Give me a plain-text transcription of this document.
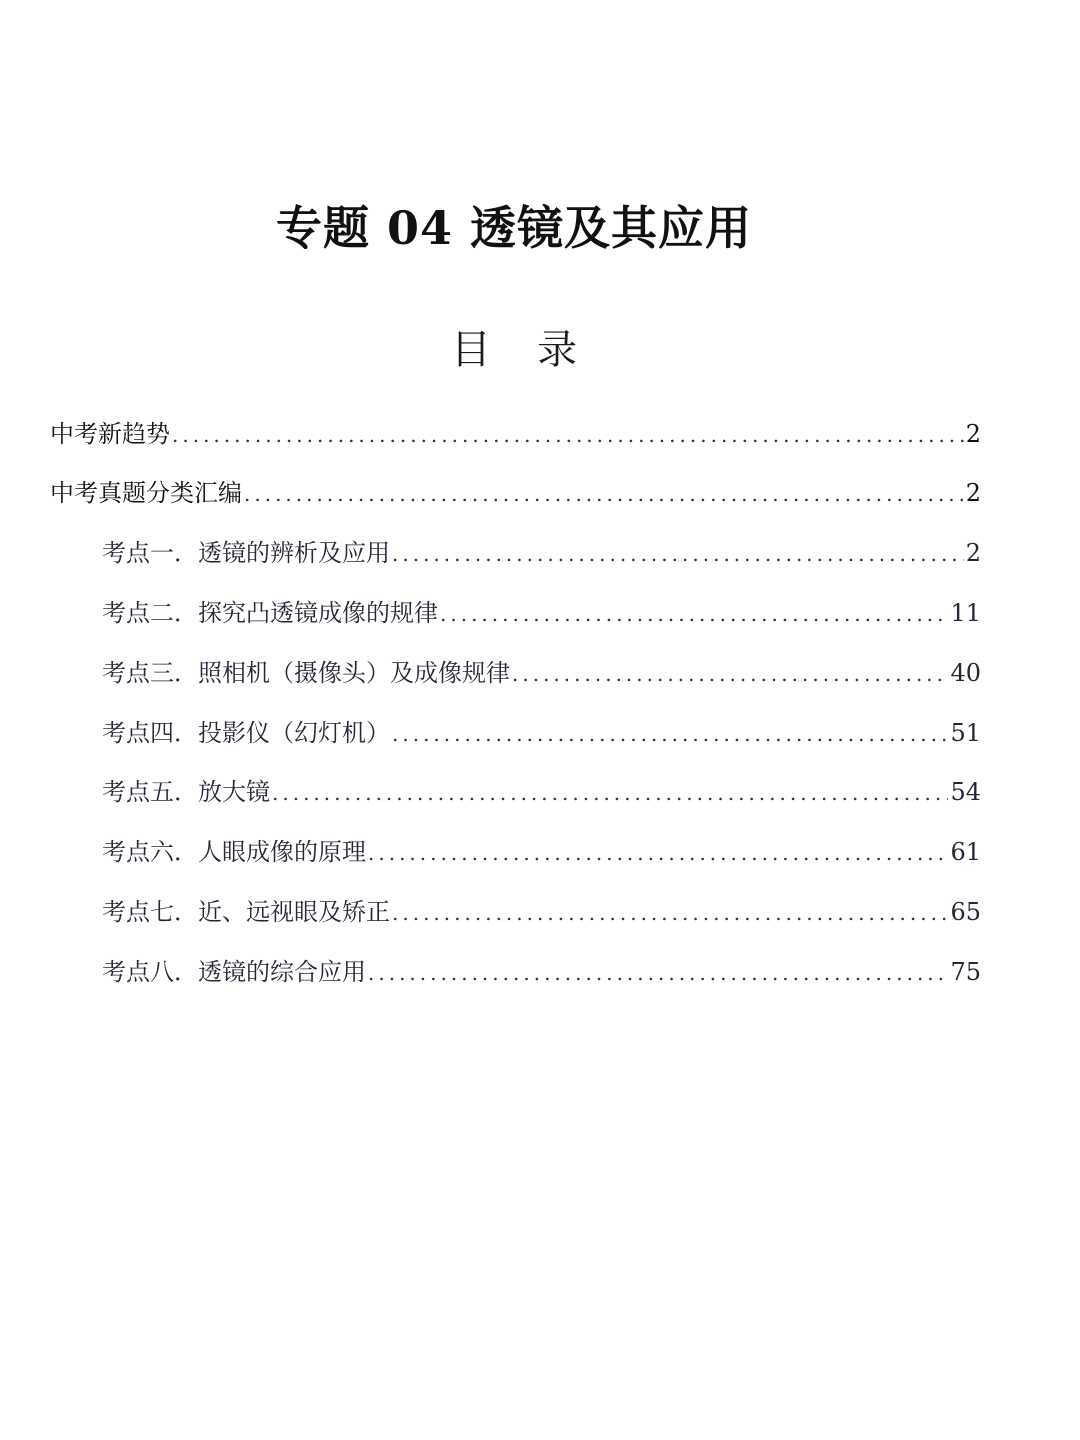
专题 04 透镜及其应用
目   录
中考新趋势 .....	2
中考真题分类汇编 .....	2
考点一．透镜的辨析及应用 .....	2
考点二．探究凸透镜成像的规律 .....	11
考点三．照相机（摄像头）及成像规律 .....	40
考点四．投影仪（幻灯机） .....	51
考点五．放大镜 .....	54
考点六．人眼成像的原理 .....	61
考点七．近、远视眼及矫正 .....	65
考点八．透镜的综合应用 .....	75
